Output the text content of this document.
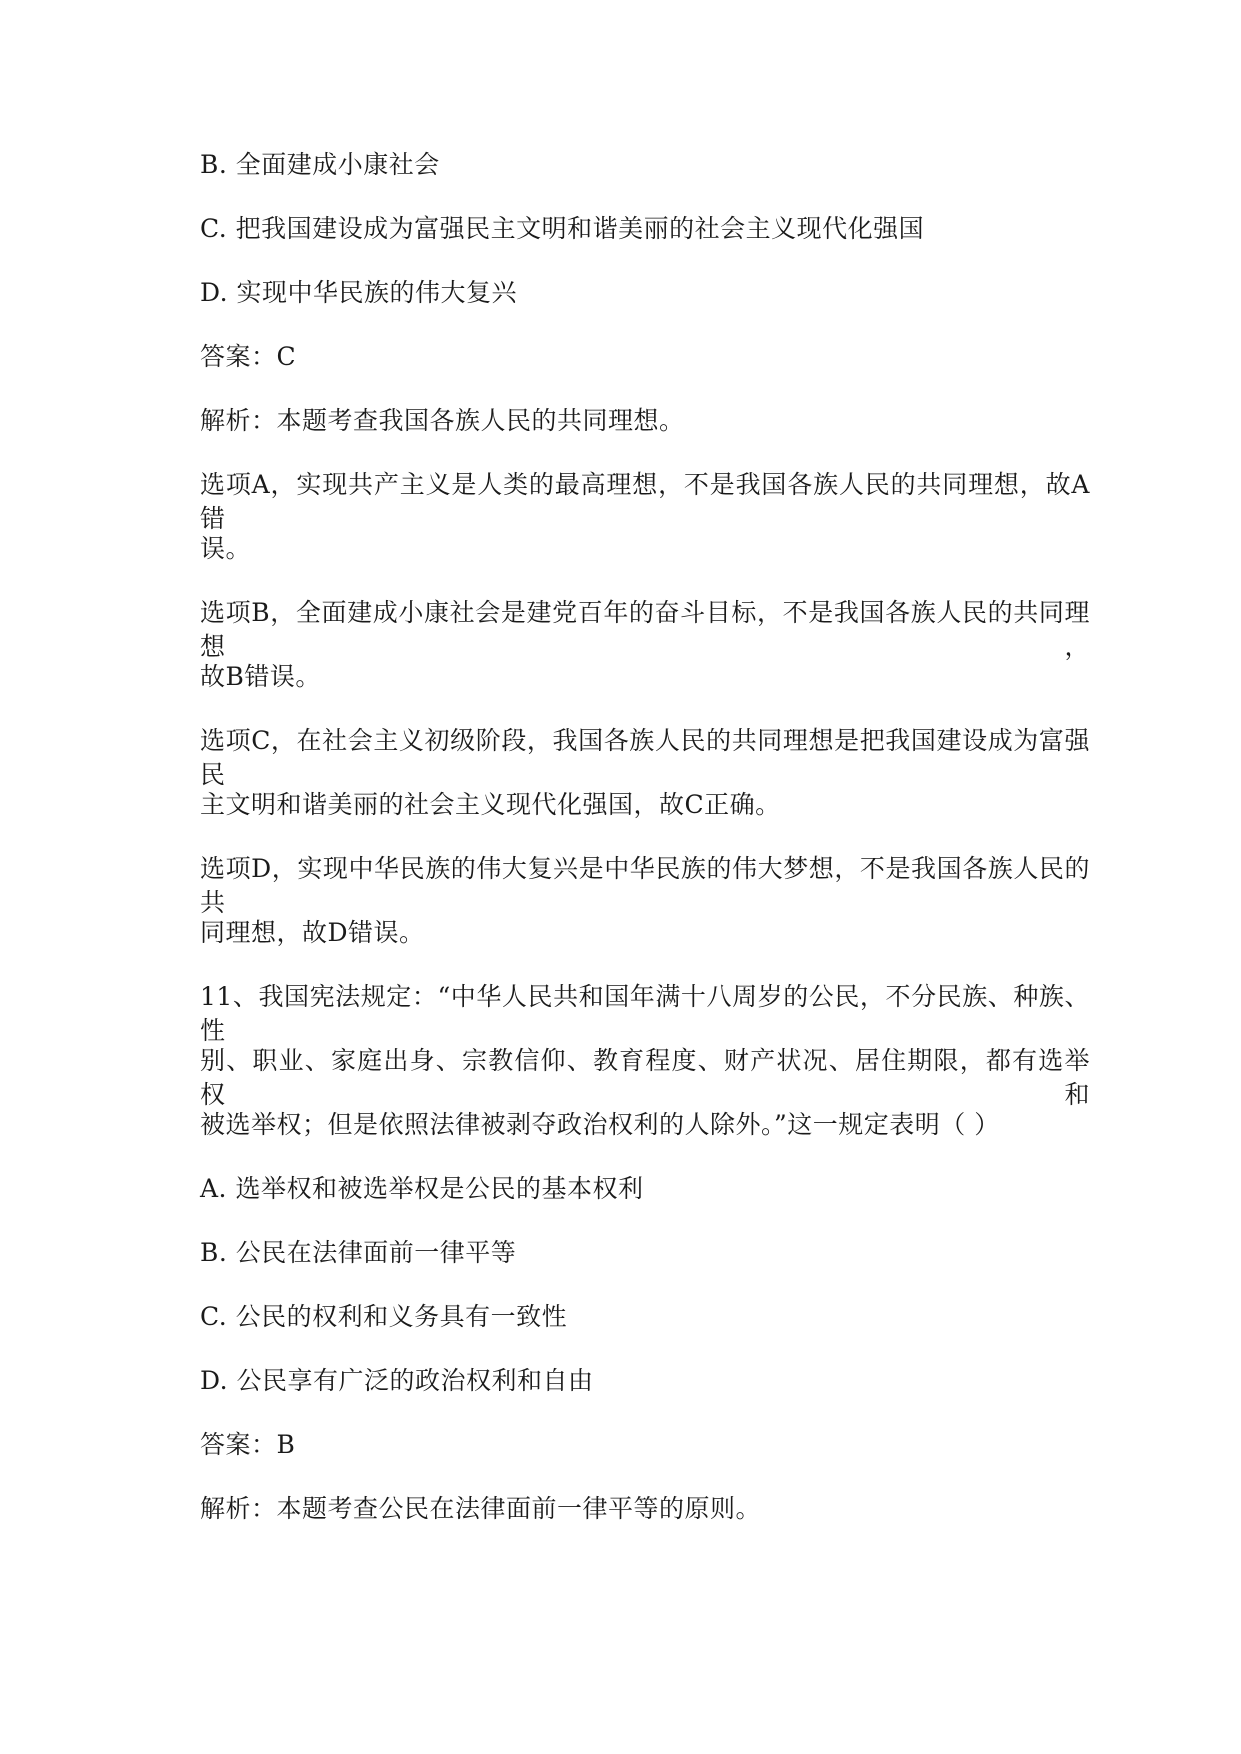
B. 全面建成小康社会
C. 把我国建设成为富强民主文明和谐美丽的社会主义现代化强国
D. 实现中华民族的伟大复兴
答案：C
解析：本题考查我国各族人民的共同理想。
选项A，实现共产主义是人类的最高理想，不是我国各族人民的共同理想，故A错
误。
选项B，全面建成小康社会是建党百年的奋斗目标，不是我国各族人民的共同理想，
故B错误。
选项C，在社会主义初级阶段，我国各族人民的共同理想是把我国建设成为富强民
主文明和谐美丽的社会主义现代化强国，故C正确。
选项D，实现中华民族的伟大复兴是中华民族的伟大梦想，不是我国各族人民的共
同理想，故D错误。
11、我国宪法规定：“中华人民共和国年满十八周岁的公民，不分民族、种族、性
别、职业、家庭出身、宗教信仰、教育程度、财产状况、居住期限，都有选举权和
被选举权；但是依照法律被剥夺政治权利的人除外。”这一规定表明（ ）
A. 选举权和被选举权是公民的基本权利
B. 公民在法律面前一律平等
C. 公民的权利和义务具有一致性
D. 公民享有广泛的政治权利和自由
答案：B
解析：本题考查公民在法律面前一律平等的原则。
